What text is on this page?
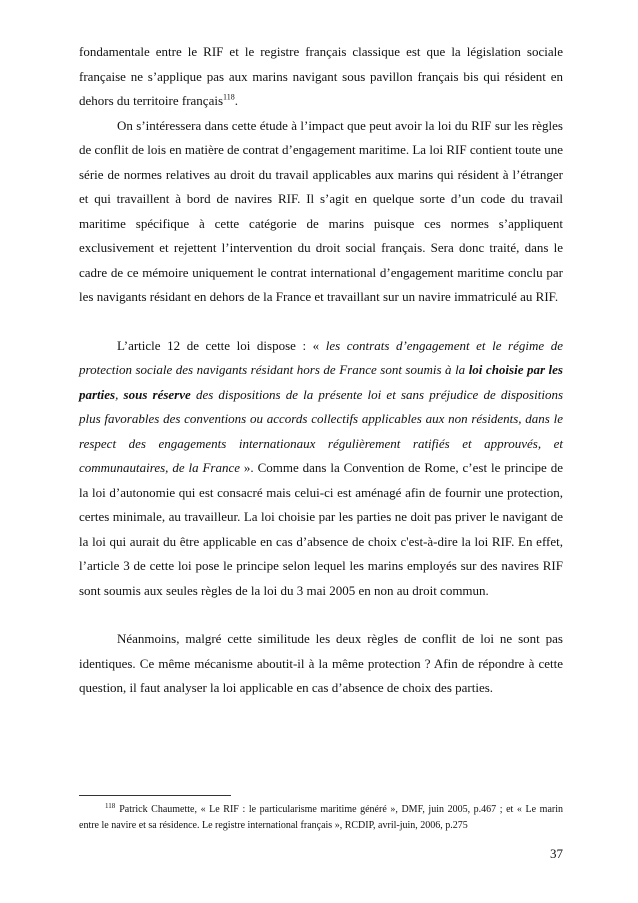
fondamentale entre le RIF et le registre français classique est que la législation sociale française ne s’applique pas aux marins navigant sous pavillon français bis qui résident en dehors du territoire français$^{118}$.

On s’intéressera dans cette étude à l’impact que peut avoir la loi du RIF sur les règles de conflit de lois en matière de contrat d’engagement maritime. La loi RIF contient toute une série de normes relatives au droit du travail applicables aux marins qui résident à l’étranger et qui travaillent à bord de navires RIF. Il s’agit en quelque sorte d’un code du travail maritime spécifique à cette catégorie de marins puisque ces normes s’appliquent exclusivement et rejettent l’intervention du droit social français. Sera donc traité, dans le cadre de ce mémoire uniquement le contrat international d’engagement maritime conclu par les navigants résidant en dehors de la France et travaillant sur un navire immatriculé au RIF.

L’article 12 de cette loi dispose : « les contrats d’engagement et le régime de protection sociale des navigants résidant hors de France sont soumis à la loi choisie par les parties, sous réserve des dispositions de la présente loi et sans préjudice de dispositions plus favorables des conventions ou accords collectifs applicables aux non résidents, dans le respect des engagements internationaux régulièrement ratifiés et approuvés, et communautaires, de la France ». Comme dans la Convention de Rome, c’est le principe de la loi d’autonomie qui est consacré mais celui-ci est aménagé afin de fournir une protection, certes minimale, au travailleur. La loi choisie par les parties ne doit pas priver le navigant de la loi qui aurait du être applicable en cas d’absence de choix c'est-à-dire la loi RIF. En effet, l’article 3 de cette loi pose le principe selon lequel les marins employés sur des navires RIF sont soumis aux seules règles de la loi du 3 mai 2005 en non au droit commun.

Néanmoins, malgré cette similitude les deux règles de conflit de loi ne sont pas identiques. Ce même mécanisme aboutit-il à la même protection ? Afin de répondre à cette question, il faut analyser la loi applicable en cas d’absence de choix des parties.

$^{118}$ Patrick Chaumette, « Le RIF : le particularisme maritime généré », DMF, juin 2005, p.467 ; et « Le marin entre le navire et sa résidence. Le registre international français », RCDIP, avril-juin, 2006, p.275
37
